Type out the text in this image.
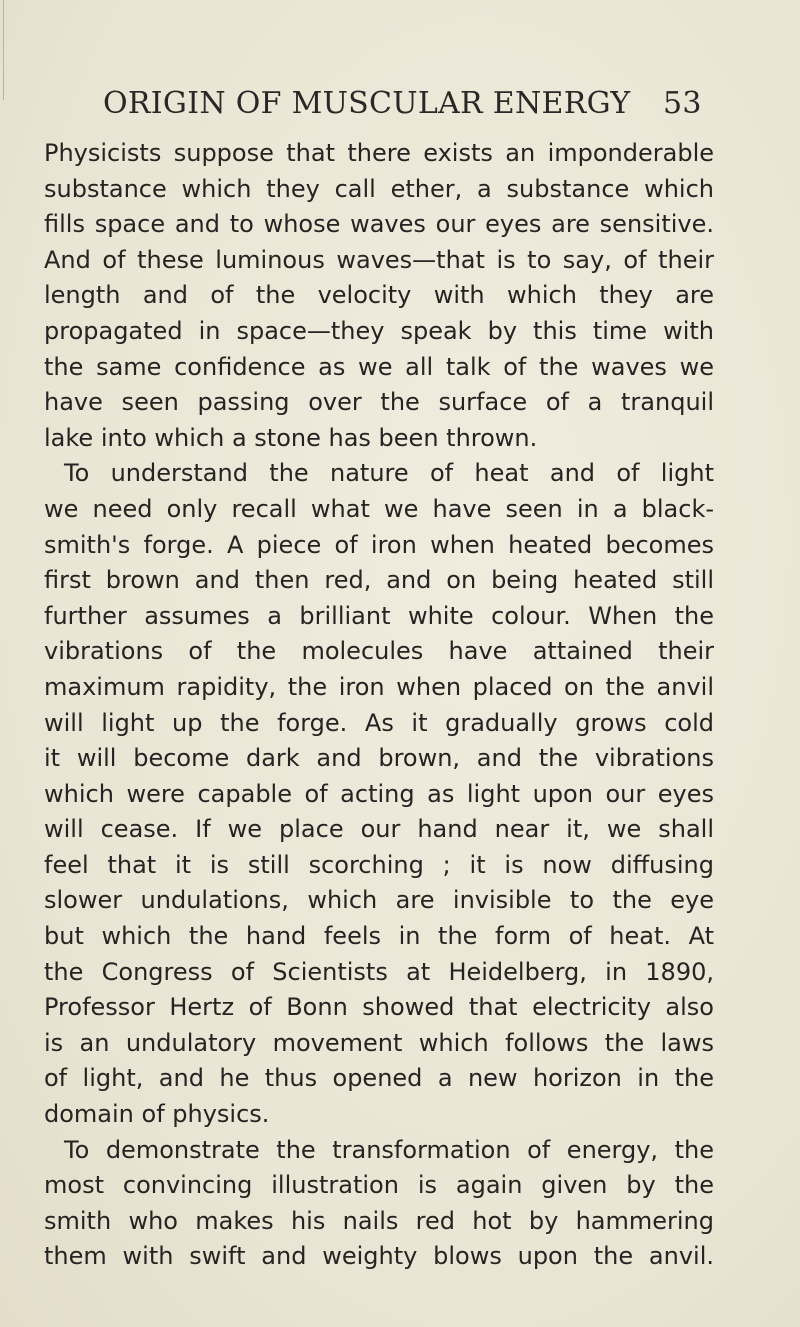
ORIGIN OF MUSCULAR ENERGY 53
Physicists suppose that there exists an imponderable
substance which they call ether, a substance which
fills space and to whose waves our eyes are sensitive.
And of these luminous waves—that is to say, of their
length and of the velocity with which they are
propagated in space—they speak by this time with
the same confidence as we all talk of the waves we
have seen passing over the surface of a tranquil
lake into which a stone has been thrown.
To understand the nature of heat and of light
we need only recall what we have seen in a black-
smith's forge. A piece of iron when heated becomes
first brown and then red, and on being heated still
further assumes a brilliant white colour. When the
vibrations of the molecules have attained their
maximum rapidity, the iron when placed on the anvil
will light up the forge. As it gradually grows cold
it will become dark and brown, and the vibrations
which were capable of acting as light upon our eyes
will cease. If we place our hand near it, we shall
feel that it is still scorching ; it is now diffusing
slower undulations, which are invisible to the eye
but which the hand feels in the form of heat. At
the Congress of Scientists at Heidelberg, in 1890,
Professor Hertz of Bonn showed that electricity also
is an undulatory movement which follows the laws
of light, and he thus opened a new horizon in the
domain of physics.
To demonstrate the transformation of energy, the
most convincing illustration is again given by the
smith who makes his nails red hot by hammering
them with swift and weighty blows upon the anvil.
